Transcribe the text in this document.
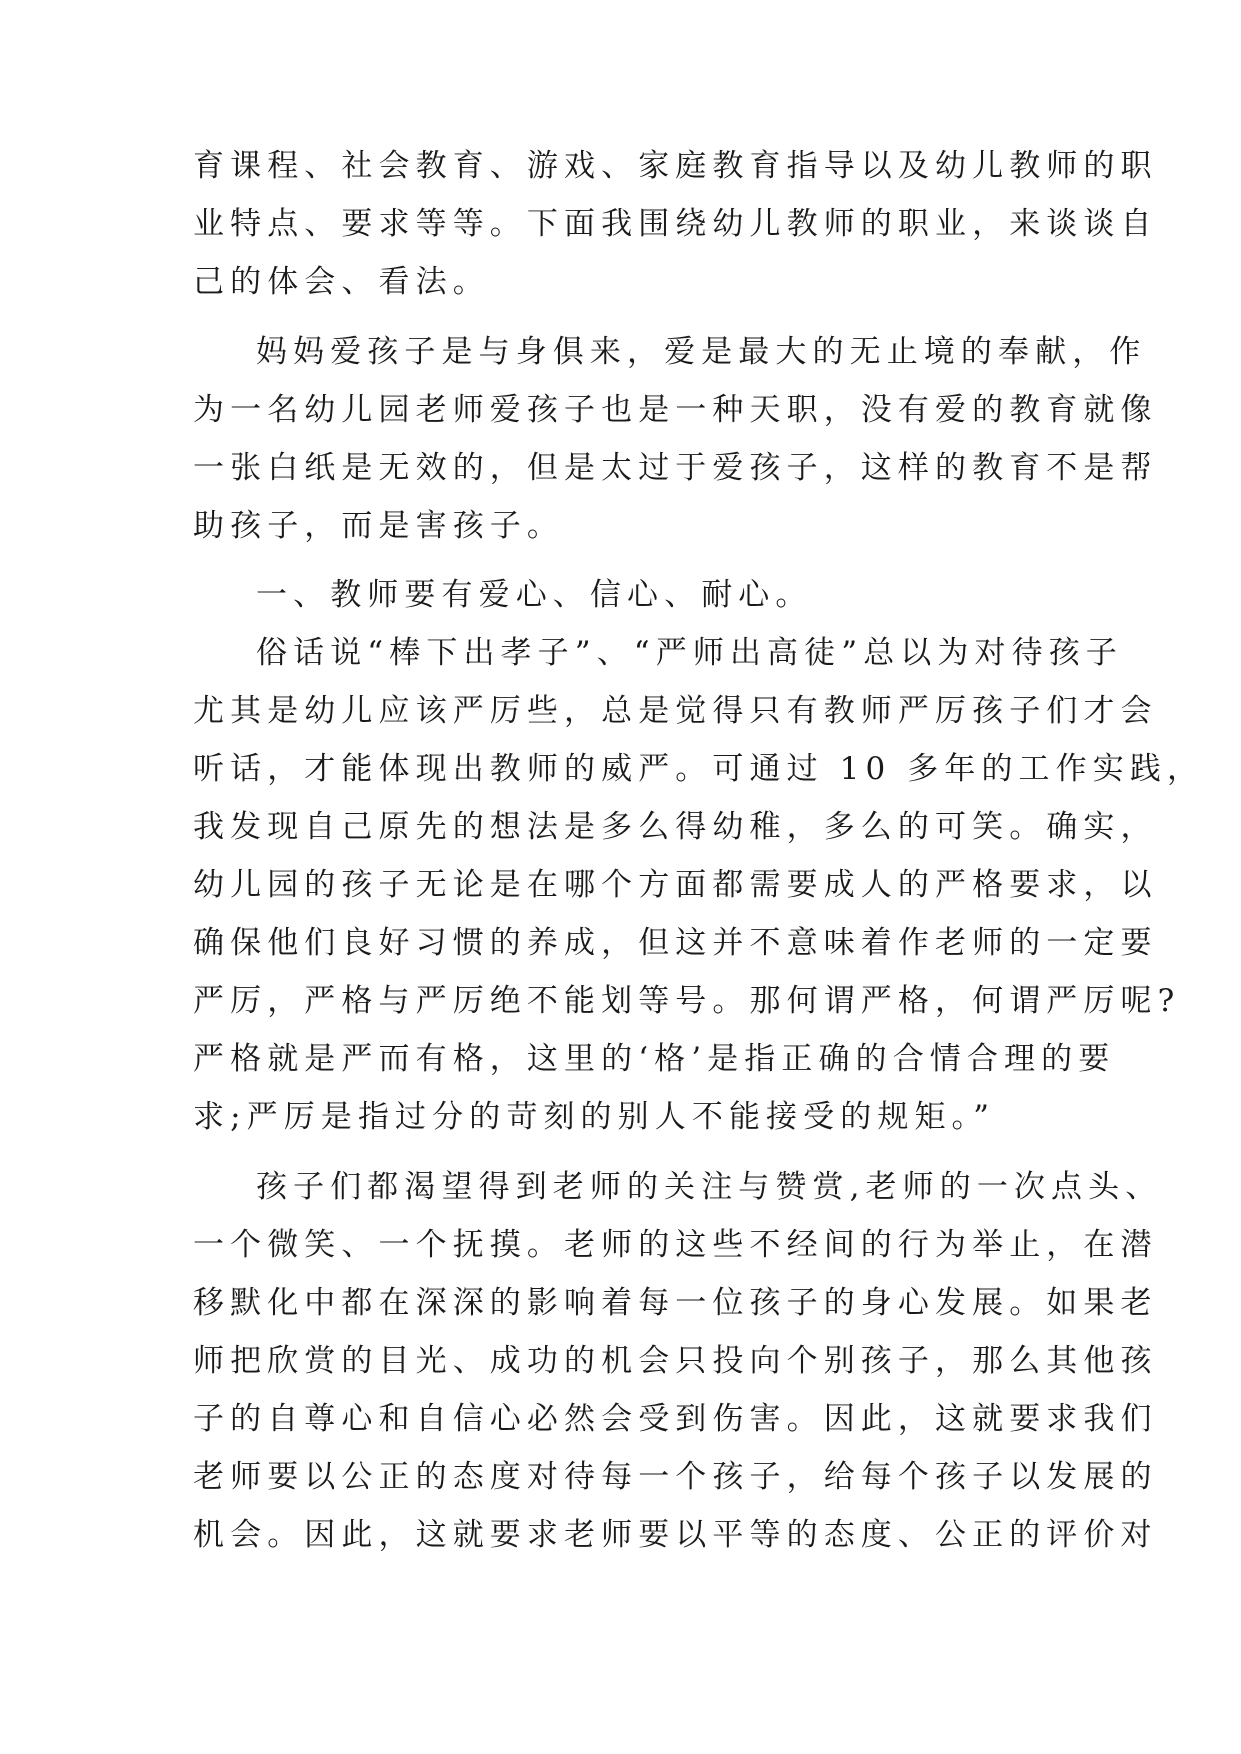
育课程、社会教育、游戏、家庭教育指导以及幼儿教师的职
业特点、要求等等。下面我围绕幼儿教师的职业，来谈谈自
己的体会、看法。
妈妈爱孩子是与身俱来，爱是最大的无止境的奉献，作
为一名幼儿园老师爱孩子也是一种天职，没有爱的教育就像
一张白纸是无效的，但是太过于爱孩子，这样的教育不是帮
助孩子，而是害孩子。
一、教师要有爱心、信心、耐心。
俗话说“棒下出孝子”、“严师出高徒”总以为对待孩子
尤其是幼儿应该严厉些，总是觉得只有教师严厉孩子们才会
听话，才能体现出教师的威严。可通过 10 多年的工作实践，
我发现自己原先的想法是多么得幼稚，多么的可笑。确实，
幼儿园的孩子无论是在哪个方面都需要成人的严格要求，以
确保他们良好习惯的养成，但这并不意味着作老师的一定要
严厉，严格与严厉绝不能划等号。那何谓严格，何谓严厉呢?
严格就是严而有格，这里的‘格’是指正确的合情合理的要
求;严厉是指过分的苛刻的别人不能接受的规矩。”
孩子们都渴望得到老师的关注与赞赏,老师的一次点头、
一个微笑、一个抚摸。老师的这些不经间的行为举止，在潜
移默化中都在深深的影响着每一位孩子的身心发展。如果老
师把欣赏的目光、成功的机会只投向个别孩子，那么其他孩
子的自尊心和自信心必然会受到伤害。因此，这就要求我们
老师要以公正的态度对待每一个孩子，给每个孩子以发展的
机会。因此，这就要求老师要以平等的态度、公正的评价对
